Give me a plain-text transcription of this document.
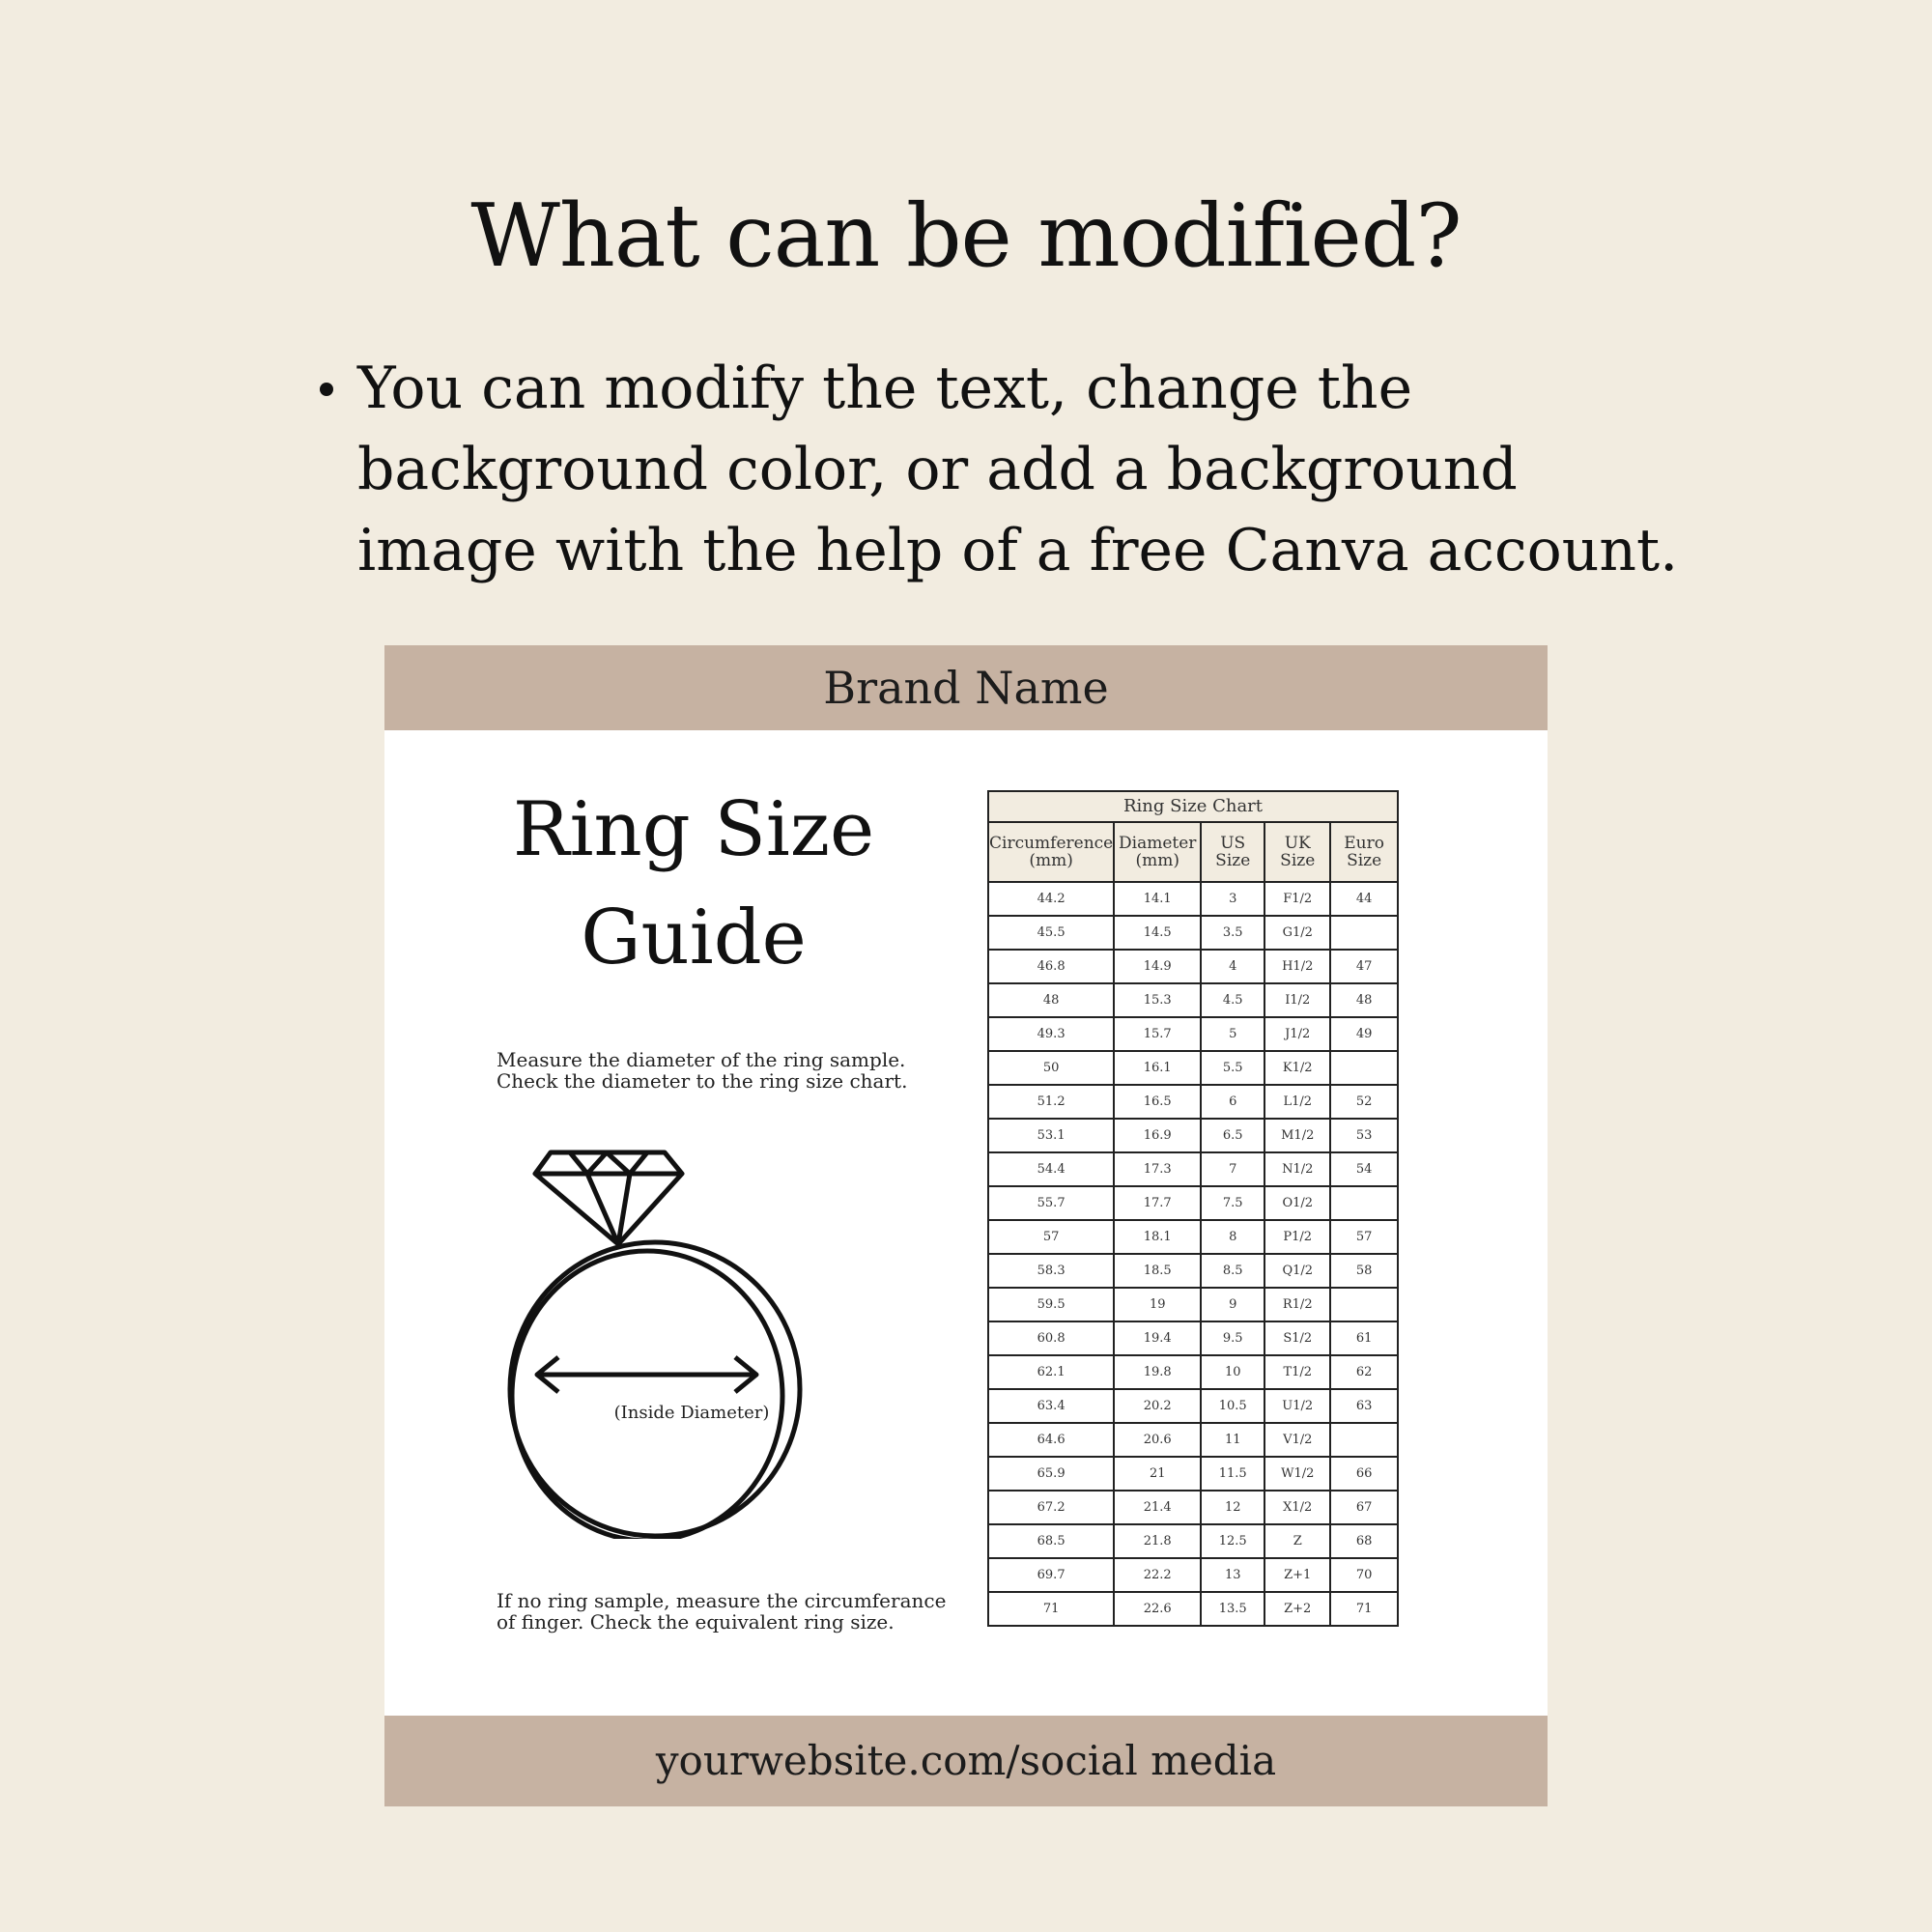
What can be modified?
You can modify the text, change the background color, or add a background image with the help of a free Canva account.
Brand Name
Ring Size
Guide
Measure the diameter of the ring sample.
Check the diameter to the ring size chart.
(Inside Diameter)
If no ring sample, measure the circumferance
of finger. Check the equivalent ring size.
Ring Size Chart
Circumference (mm)	Diameter (mm)	US Size	UK Size	Euro Size
44.2	14.1	3	F1/2	44
45.5	14.5	3.5	G1/2	
46.8	14.9	4	H1/2	47
48	15.3	4.5	I1/2	48
49.3	15.7	5	J1/2	49
50	16.1	5.5	K1/2	
51.2	16.5	6	L1/2	52
53.1	16.9	6.5	M1/2	53
54.4	17.3	7	N1/2	54
55.7	17.7	7.5	O1/2	
57	18.1	8	P1/2	57
58.3	18.5	8.5	Q1/2	58
59.5	19	9	R1/2	
60.8	19.4	9.5	S1/2	61
62.1	19.8	10	T1/2	62
63.4	20.2	10.5	U1/2	63
64.6	20.6	11	V1/2	
65.9	21	11.5	W1/2	66
67.2	21.4	12	X1/2	67
68.5	21.8	12.5	Z	68
69.7	22.2	13	Z+1	70
71	22.6	13.5	Z+2	71
yourwebsite.com/social media
